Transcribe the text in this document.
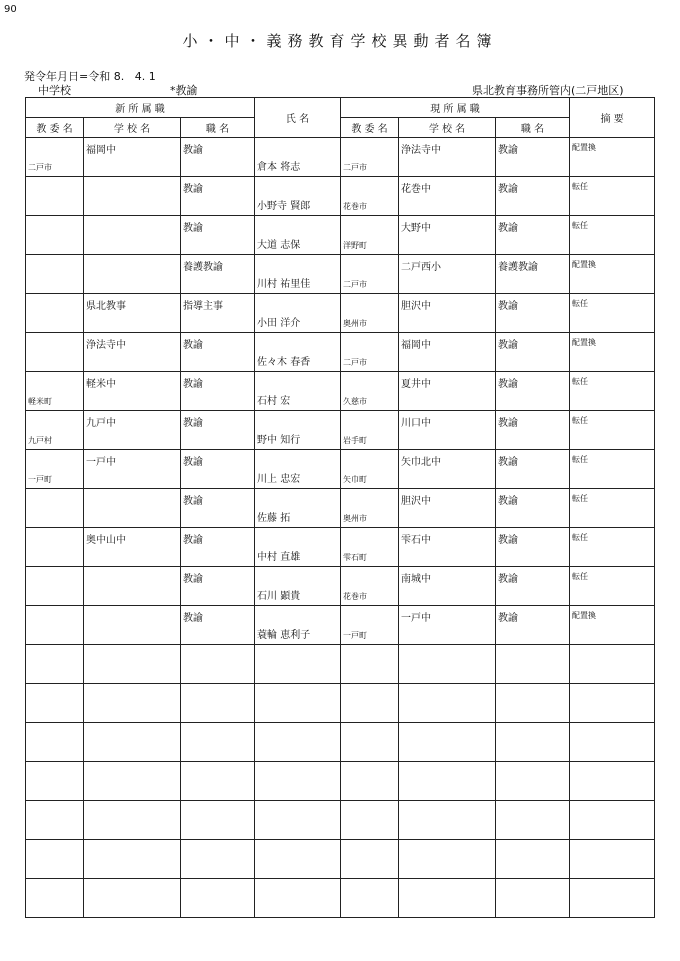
90
小・中・義務教育学校異動者名簿
発令年月日=令和 8.   4. 1
中学校	*教諭	県北教育事務所管内(二戸地区)
新 所 属 職			氏 名	現 所 属 職			摘 要
教 委 名	学 校 名	職 名		教 委 名	学 校 名	職 名	

二戸市	福岡中	教諭	倉本 将志	二戸市	浄法寺中	教諭	配置換

		教諭	小野寺 賢郎	花巻市	花巻中	教諭	転任

		教諭	大道 志保	洋野町	大野中	教諭	転任

		養護教諭	川村 祐里佳	二戸市	二戸西小	養護教諭	配置換

	県北教事	指導主事	小田 洋介	奥州市	胆沢中	教諭	転任

	浄法寺中	教諭	佐々木 春香	二戸市	福岡中	教諭	配置換

軽米町	軽米中	教諭	石村 宏	久慈市	夏井中	教諭	転任

九戸村	九戸中	教諭	野中 知行	岩手町	川口中	教諭	転任

一戸町	一戸中	教諭	川上 忠宏	矢巾町	矢巾北中	教諭	転任

		教諭	佐藤 拓	奥州市	胆沢中	教諭	転任

	奥中山中	教諭	中村 直雄	雫石町	雫石中	教諭	転任

		教諭	石川 顕貴	花巻市	南城中	教諭	転任

		教諭	蓑輪 恵利子	一戸町	一戸中	教諭	配置換
